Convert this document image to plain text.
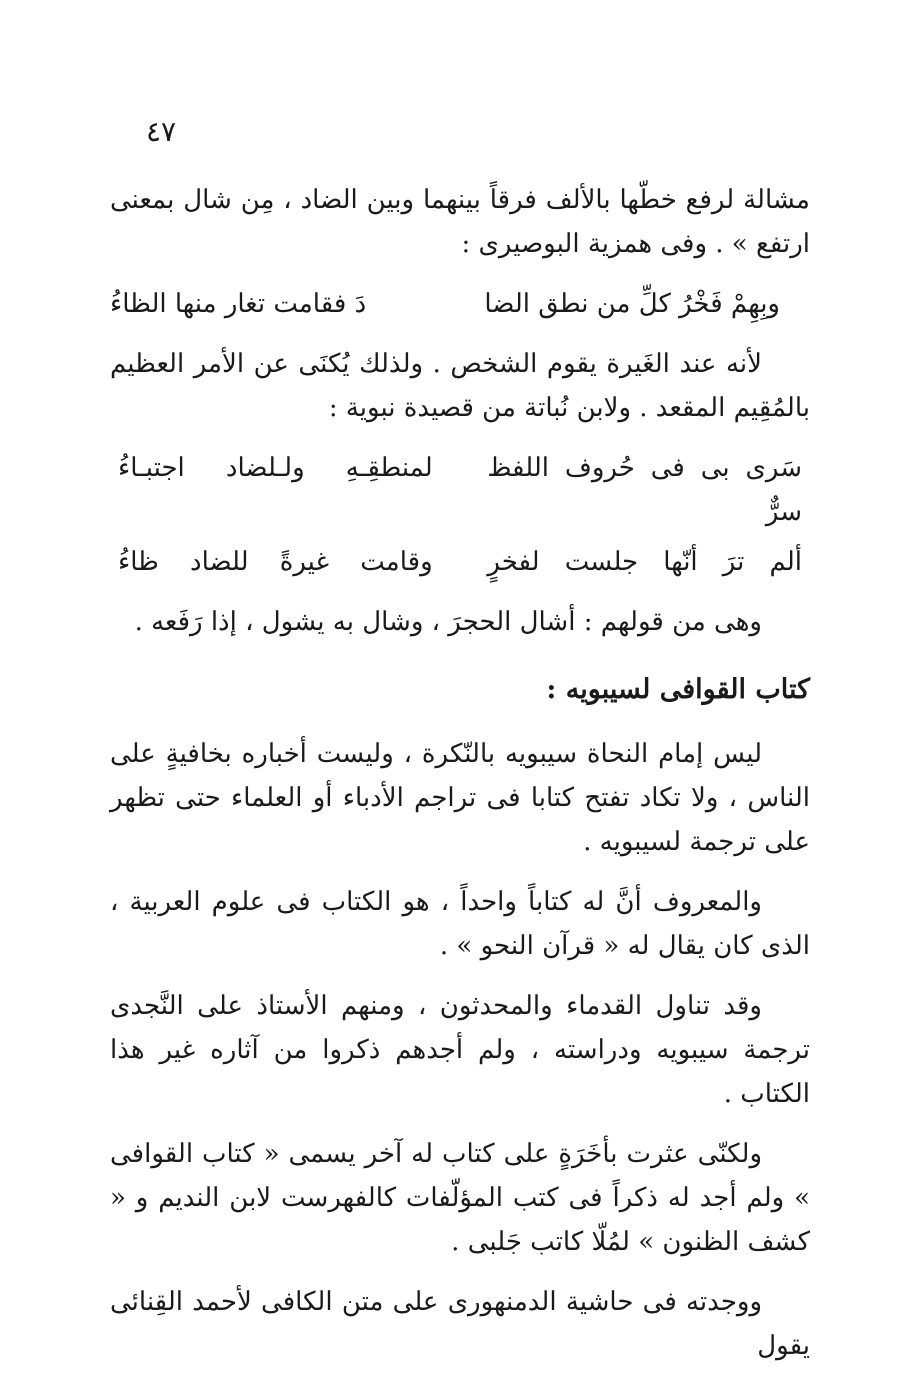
٤٧

مشالة لرفع خطّها بالألف فرقاً بينهما وبين الضاد ، مِن شال بمعنى ارتفع » . وفى همزية البوصيرى :

وبِهِمْ فَخْرُ كلِّ من نطق الضا
دَ فقامت تغار منها الظاءُ

لأنه عند الغَيرة يقوم الشخص . ولذلك يُكنَى عن الأمر العظيم بالمُقِيم المقعد . ولابن نُباتة من قصيدة نبوية :

سَرى بى فى حُروف اللفظ سرٌّ
لمنطقِـهِ ولـلضاد اجتبـاءُ
ألم ترَ أنّها جلست لفخرٍ
وقامت غيرةً للضاد ظاءُ

وهى من قولهم : أشال الحجرَ ، وشال به يشول ، إذا رَفَعه .

كتاب القوافى لسيبويه :

ليس إمام النحاة سيبويه بالنّكرة ، وليست أخباره بخافيةٍ على الناس ، ولا تكاد تفتح كتابا فى تراجم الأدباء أو العلماء حتى تظهر على ترجمة لسيبويه .

والمعروف أنَّ له كتاباً واحداً ، هو الكتاب فى علوم العربية ، الذى كان يقال له « قرآن النحو » .

وقد تناول القدماء والمحدثون ، ومنهم الأستاذ على النَّجدى ترجمة سيبويه ودراسته ، ولم أجدهم ذكروا من آثاره غير هذا الكتاب .

ولكنّى عثرت بأخَرَةٍ على كتاب له آخر يسمى « كتاب القوافى » ولم أجد له ذكراً فى كتب المؤلّفات كالفهرست لابن النديم و « كشف الظنون » لمُلّا كاتب جَلبى .

ووجدته فى حاشية الدمنهورى على متن الكافى لأحمد القِنائى يقول
